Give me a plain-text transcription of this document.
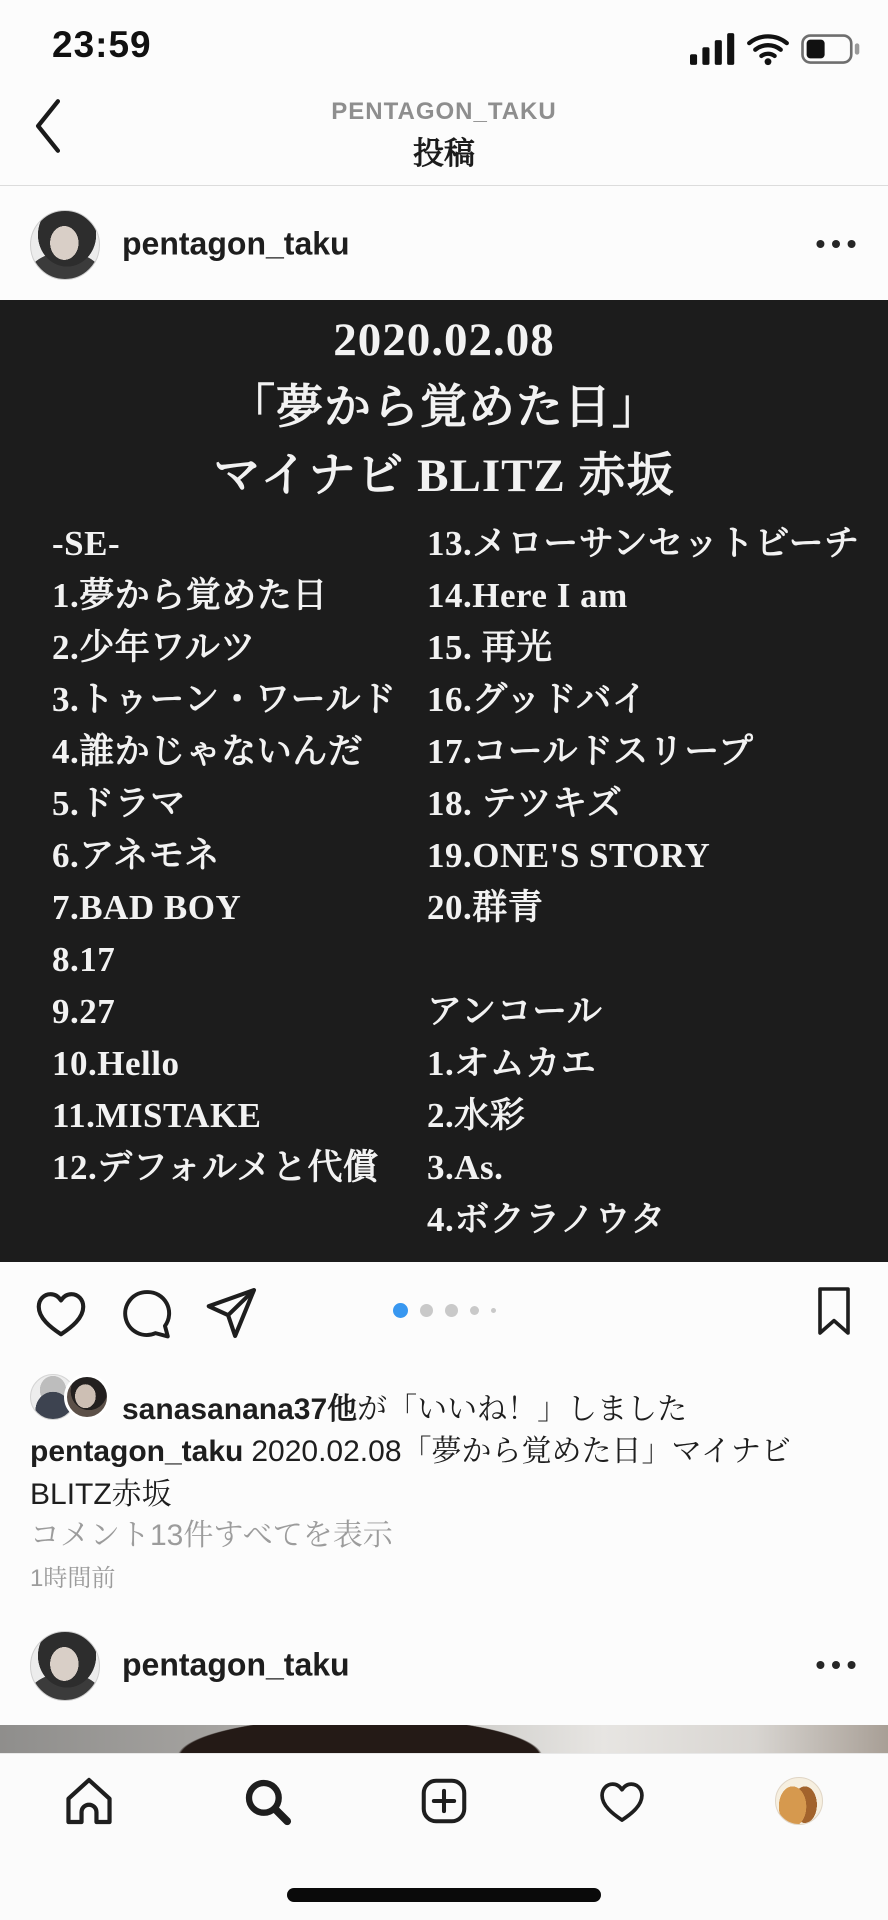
23:59
PENTAGON_TAKU
投稿
pentagon_taku
2020.02.08
「夢から覚めた日」
マイナビ BLITZ 赤坂
-SE-
1.夢から覚めた日
2.少年ワルツ
3.トゥーン・ワールド
4.誰かじゃないんだ
5.ドラマ
6.アネモネ
7.BAD BOY
8.17
9.27
10.Hello
11.MISTAKE
12.デフォルメと代償
13.メローサンセットビーチ
14.Here I am
15. 再光
16.グッドバイ
17.コールドスリープ
18. テツキズ
19.ONE'S STORY
20.群青
アンコール
1.オムカエ
2.水彩
3.As.
4.ボクラノウタ
sanasanana37他が「いいね！」しました
pentagon_taku 2020.02.08「夢から覚めた日」マイナビ BLITZ赤坂
コメント13件すべてを表示
1時間前
pentagon_taku
